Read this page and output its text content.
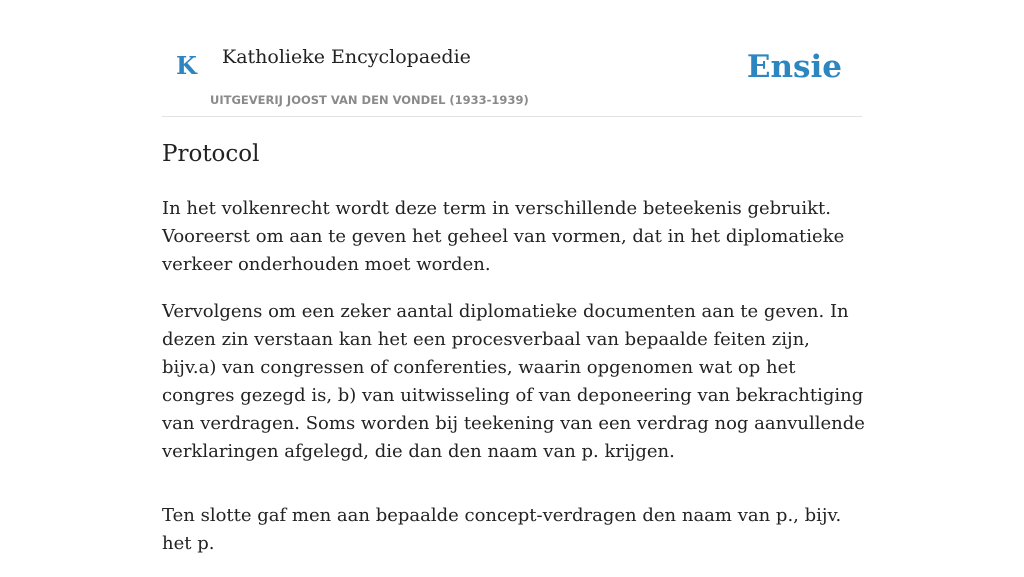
K Katholieke Encyclopaedie
UITGEVERIJ JOOST VAN DEN VONDEL (1933-1939)
Ensie
Protocol

In het volkenrecht wordt deze term in verschillende beteekenis gebruikt. Vooreerst om aan te geven het geheel van vormen, dat in het diplomatieke verkeer onderhouden moet worden.

Vervolgens om een zeker aantal diplomatieke documenten aan te geven. In dezen zin verstaan kan het een procesverbaal van bepaalde feiten zijn, bijv.a) van congressen of conferenties, waarin opgenomen wat op het congres gezegd is, b) van uitwisseling of van deponeering van bekrachtiging van verdragen. Soms worden bij teekening van een verdrag nog aanvullende verklaringen afgelegd, die dan den naam van p. krijgen.

Ten slotte gaf men aan bepaalde concept-verdragen den naam van p., bijv. het p.
